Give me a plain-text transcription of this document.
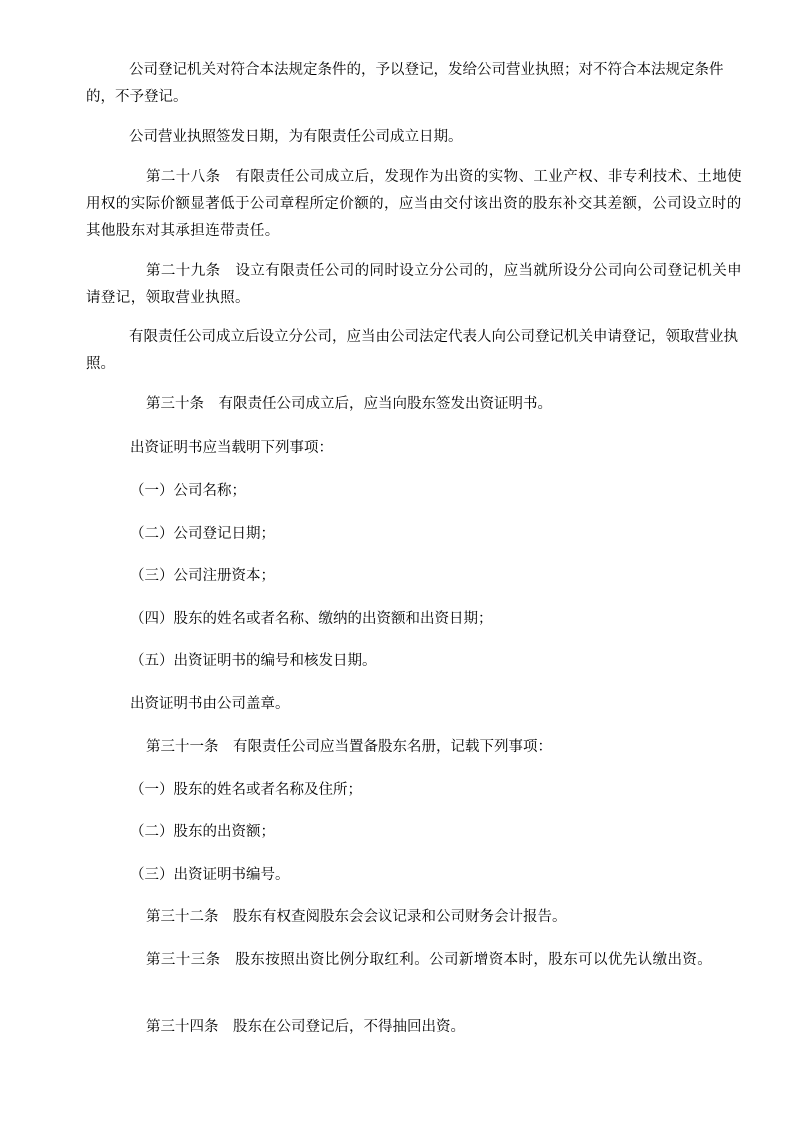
公司登记机关对符合本法规定条件的，予以登记，发给公司营业执照；对不符合本法规定条件的，不予登记。

公司营业执照签发日期，为有限责任公司成立日期。

第二十八条　有限责任公司成立后，发现作为出资的实物、工业产权、非专利技术、土地使用权的实际价额显著低于公司章程所定价额的，应当由交付该出资的股东补交其差额，公司设立时的其他股东对其承担连带责任。

第二十九条　设立有限责任公司的同时设立分公司的，应当就所设分公司向公司登记机关申请登记，领取营业执照。

有限责任公司成立后设立分公司，应当由公司法定代表人向公司登记机关申请登记，领取营业执照。

第三十条　有限责任公司成立后，应当向股东签发出资证明书。

出资证明书应当载明下列事项：

（一）公司名称；

（二）公司登记日期；

（三）公司注册资本；

（四）股东的姓名或者名称、缴纳的出资额和出资日期；

（五）出资证明书的编号和核发日期。

出资证明书由公司盖章。

第三十一条　有限责任公司应当置备股东名册，记载下列事项：

（一）股东的姓名或者名称及住所；

（二）股东的出资额；

（三）出资证明书编号。

第三十二条　股东有权查阅股东会会议记录和公司财务会计报告。

第三十三条　股东按照出资比例分取红利。公司新增资本时，股东可以优先认缴出资。

第三十四条　股东在公司登记后，不得抽回出资。
